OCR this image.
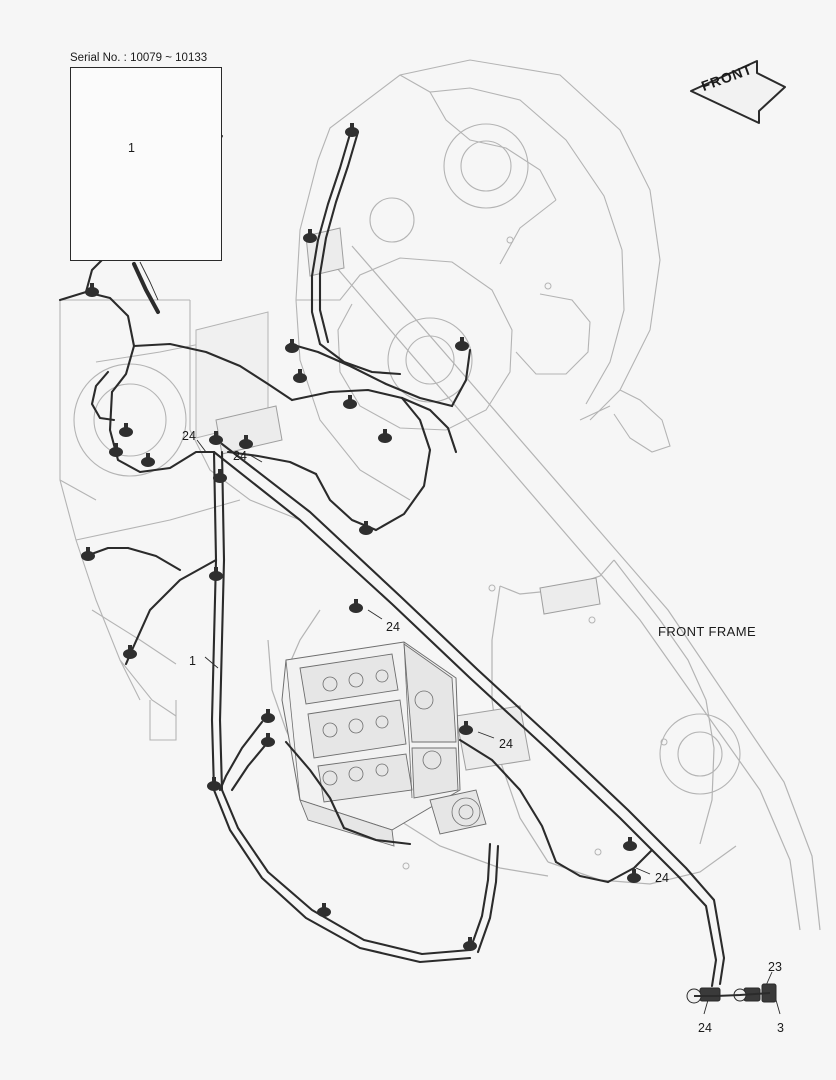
Serial No. : 10079 ~ 10133
FRONT
FRONT FRAME
1
24
24
24
1
24
24
23
24	3
